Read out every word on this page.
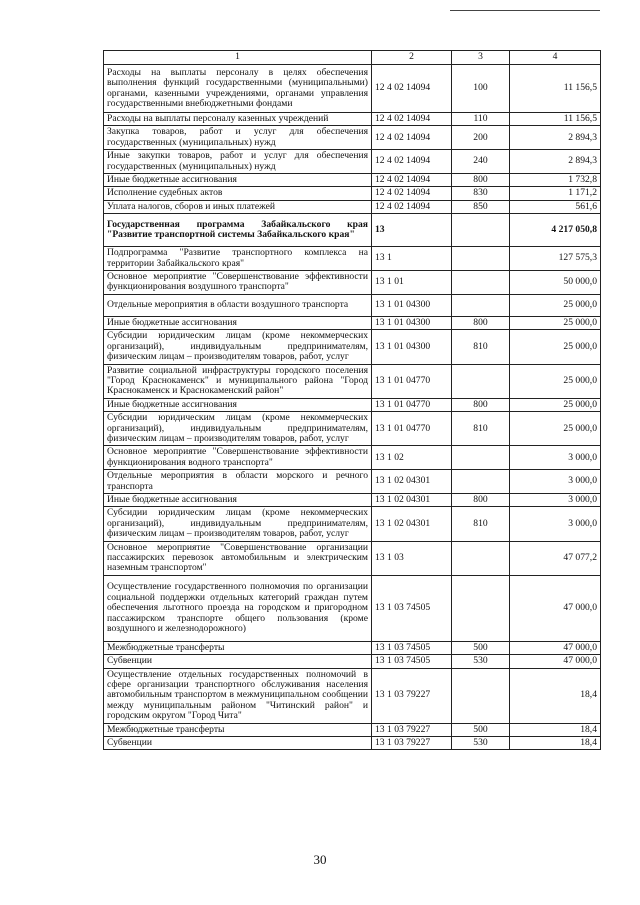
1	2	3	4
Расходы на выплаты персоналу в целях обеспечения выполнения функций государственными (муниципальными) органами, казенными учреждениями, органами управления государственными внебюджетными фондами	12 4 02 14094	100	11 156,5
Расходы на выплаты персоналу казенных учреждений	12 4 02 14094	110	11 156,5
Закупка товаров, работ и услуг для обеспечения государственных (муниципальных) нужд	12 4 02 14094	200	2 894,3
Иные закупки товаров, работ и услуг для обеспечения государственных (муниципальных) нужд	12 4 02 14094	240	2 894,3
Иные бюджетные ассигнования	12 4 02 14094	800	1 732,8
Исполнение судебных актов	12 4 02 14094	830	1 171,2
Уплата налогов, сборов и иных платежей	12 4 02 14094	850	561,6
Государственная программа Забайкальского края "Развитие транспортной системы Забайкальского края"	13		4 217 050,8
Подпрограмма "Развитие транспортного комплекса на территории Забайкальского края"	13 1		127 575,3
Основное мероприятие "Совершенствование эффективности функционирования воздушного транспорта"	13 1 01		50 000,0
Отдельные мероприятия в области воздушного транспорта	13 1 01 04300		25 000,0
Иные бюджетные ассигнования	13 1 01 04300	800	25 000,0
Субсидии юридическим лицам (кроме некоммерческих организаций), индивидуальным предпринимателям, физическим лицам – производителям товаров, работ, услуг	13 1 01 04300	810	25 000,0
Развитие социальной инфраструктуры городского поселения "Город Краснокаменск" и муниципального района "Город Краснокаменск и Краснокаменский район"	13 1 01 04770		25 000,0
Иные бюджетные ассигнования	13 1 01 04770	800	25 000,0
Субсидии юридическим лицам (кроме некоммерческих организаций), индивидуальным предпринимателям, физическим лицам – производителям товаров, работ, услуг	13 1 01 04770	810	25 000,0
Основное мероприятие "Совершенствование эффективности функционирования водного транспорта"	13 1 02		3 000,0
Отдельные мероприятия в области морского и речного транспорта	13 1 02 04301		3 000,0
Иные бюджетные ассигнования	13 1 02 04301	800	3 000,0
Субсидии юридическим лицам (кроме некоммерческих организаций), индивидуальным предпринимателям, физическим лицам – производителям товаров, работ, услуг	13 1 02 04301	810	3 000,0
Основное мероприятие "Совершенствование организации пассажирских перевозок автомобильным и электрическим наземным транспортом"	13 1 03		47 077,2
Осуществление государственного полномочия по организации социальной поддержки отдельных категорий граждан путем обеспечения льготного проезда на городском и пригородном пассажирском транспорте общего пользования (кроме воздушного и железнодорожного)	13 1 03 74505		47 000,0
Межбюджетные трансферты	13 1 03 74505	500	47 000,0
Субвенции	13 1 03 74505	530	47 000,0
Осуществление отдельных государственных полномочий в сфере организации транспортного обслуживания населения автомобильным транспортом в межмуниципальном сообщении между муниципальным районом "Читинский район" и городским округом "Город Чита"	13 1 03 79227		18,4
Межбюджетные трансферты	13 1 03 79227	500	18,4
Субвенции	13 1 03 79227	530	18,4
30
